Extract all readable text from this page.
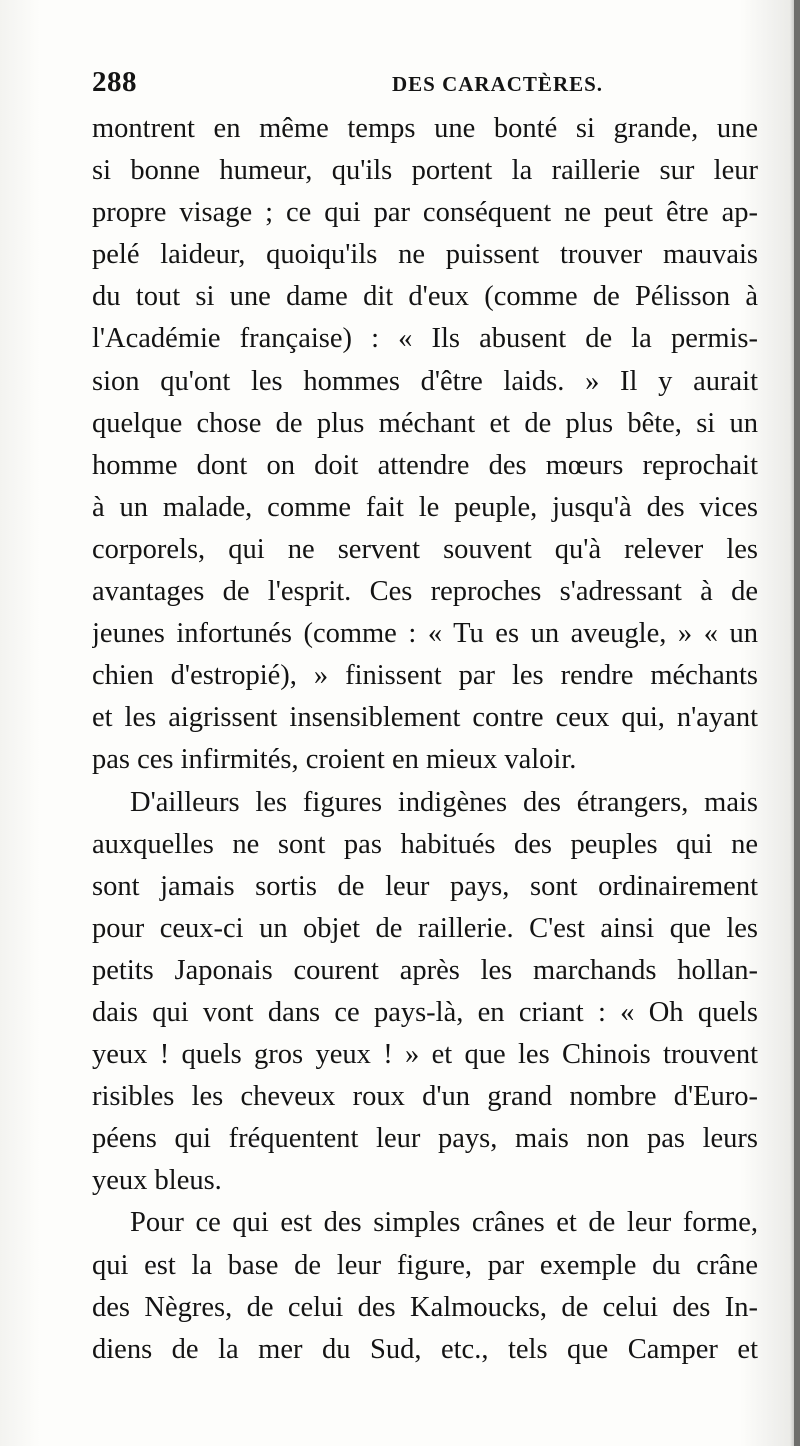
288	DES CARACTÈRES.
montrent en même temps une bonté si grande, une
si bonne humeur, qu'ils portent la raillerie sur leur
propre visage ; ce qui par conséquent ne peut être ap-
pelé laideur, quoiqu'ils ne puissent trouver mauvais
du tout si une dame dit d'eux (comme de Pélisson à
l'Académie française) : « Ils abusent de la permis-
sion qu'ont les hommes d'être laids. » Il y aurait
quelque chose de plus méchant et de plus bête, si un
homme dont on doit attendre des mœurs reprochait
à un malade, comme fait le peuple, jusqu'à des vices
corporels, qui ne servent souvent qu'à relever les
avantages de l'esprit. Ces reproches s'adressant à de
jeunes infortunés (comme : « Tu es un aveugle, » « un
chien d'estropié), » finissent par les rendre méchants
et les aigrissent insensiblement contre ceux qui, n'ayant
pas ces infirmités, croient en mieux valoir.
D'ailleurs les figures indigènes des étrangers, mais
auxquelles ne sont pas habitués des peuples qui ne
sont jamais sortis de leur pays, sont ordinairement
pour ceux-ci un objet de raillerie. C'est ainsi que les
petits Japonais courent après les marchands hollan-
dais qui vont dans ce pays-là, en criant : « Oh quels
yeux ! quels gros yeux ! » et que les Chinois trouvent
risibles les cheveux roux d'un grand nombre d'Euro-
péens qui fréquentent leur pays, mais non pas leurs
yeux bleus.
Pour ce qui est des simples crânes et de leur forme,
qui est la base de leur figure, par exemple du crâne
des Nègres, de celui des Kalmoucks, de celui des In-
diens de la mer du Sud, etc., tels que Camper et
